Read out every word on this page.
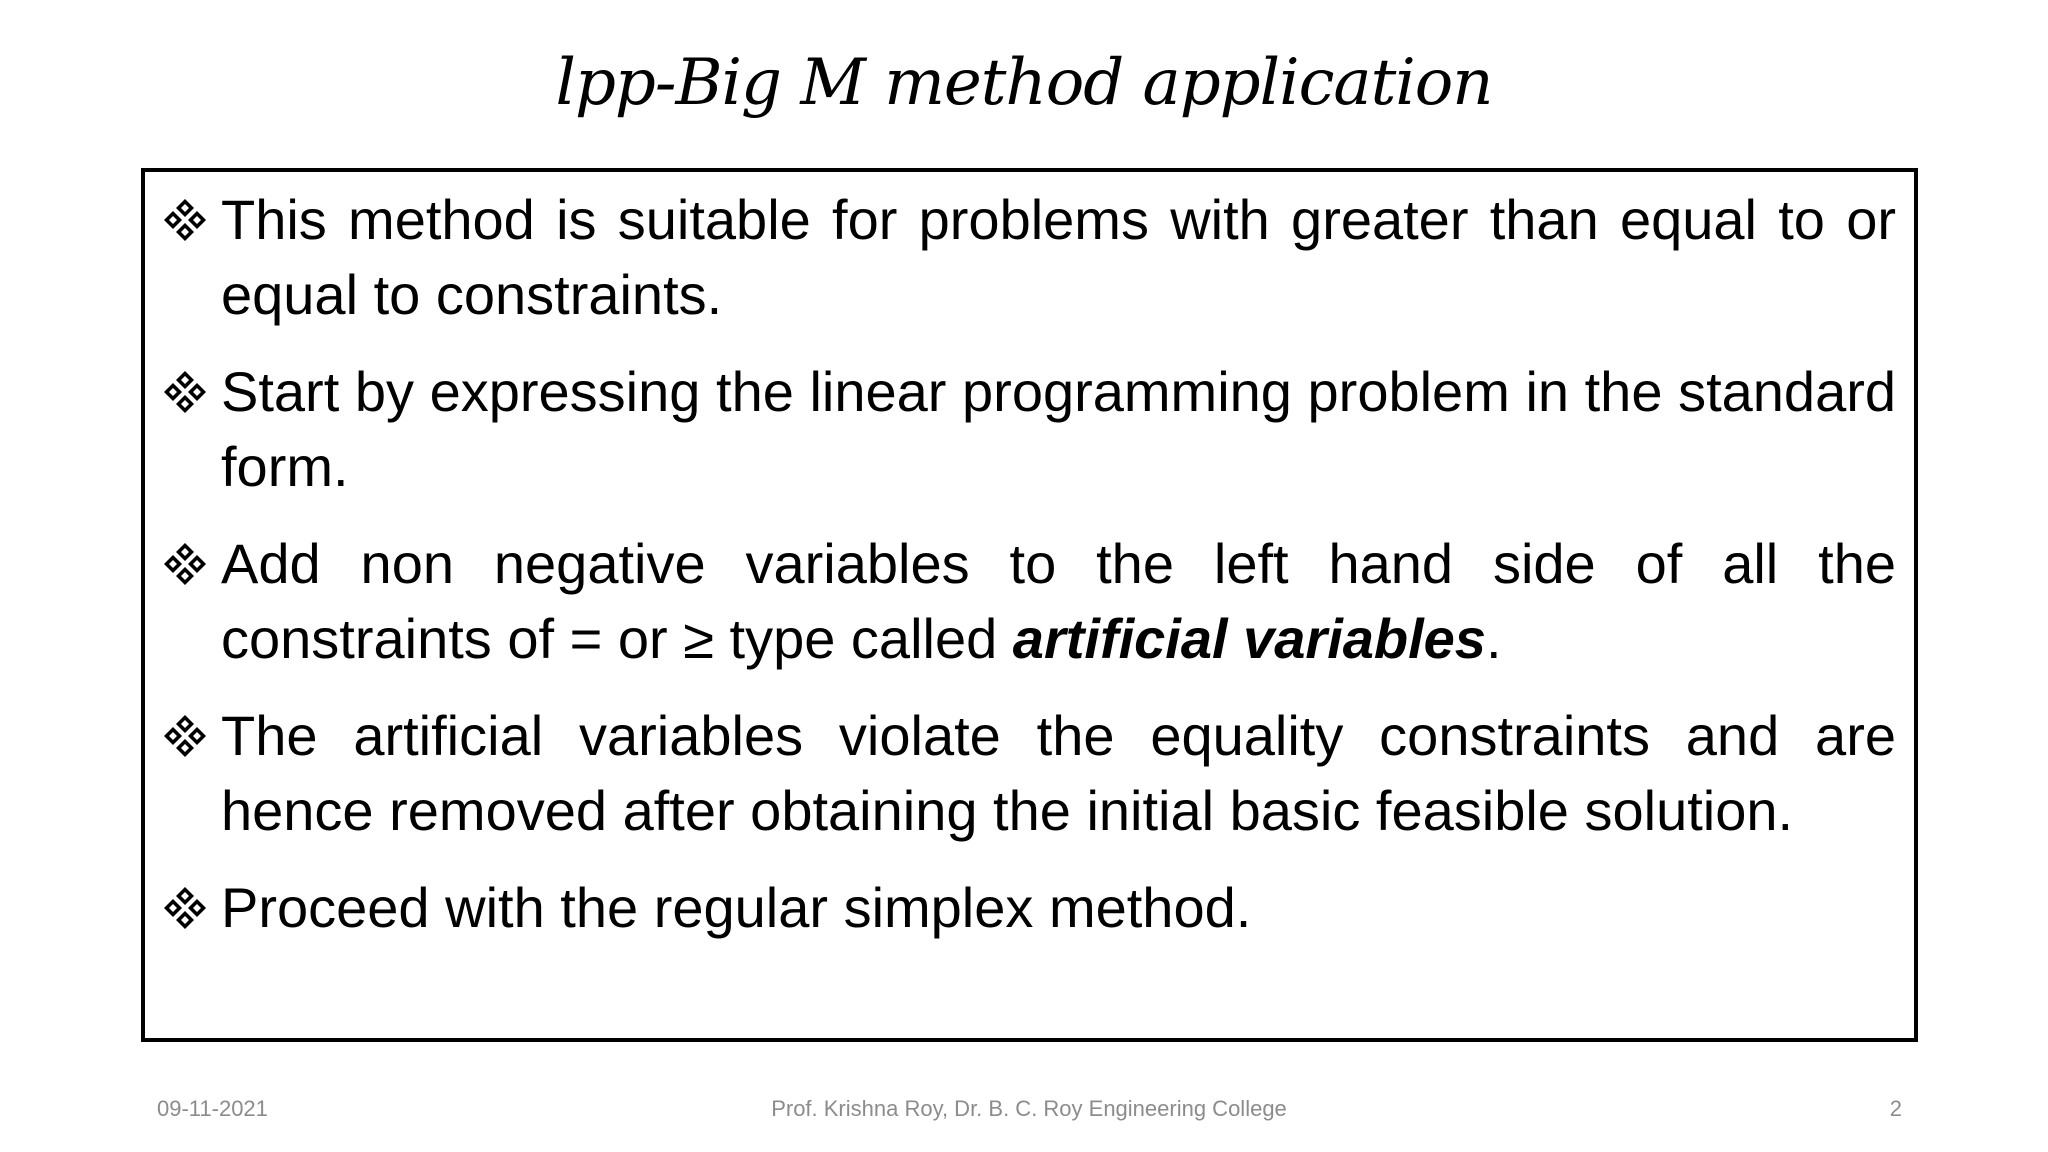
lpp-Big M method application
This method is suitable for problems with greater than equal to or equal to constraints.
Start by expressing the linear programming problem in the standard form.
Add non negative variables to the left hand side of all the constraints of = or ≥ type called artificial variables.
The artificial variables violate the equality constraints and are hence removed after obtaining the initial basic feasible solution.
Proceed with the regular simplex method.
09-11-2021	Prof. Krishna Roy, Dr. B. C. Roy Engineering College	2
